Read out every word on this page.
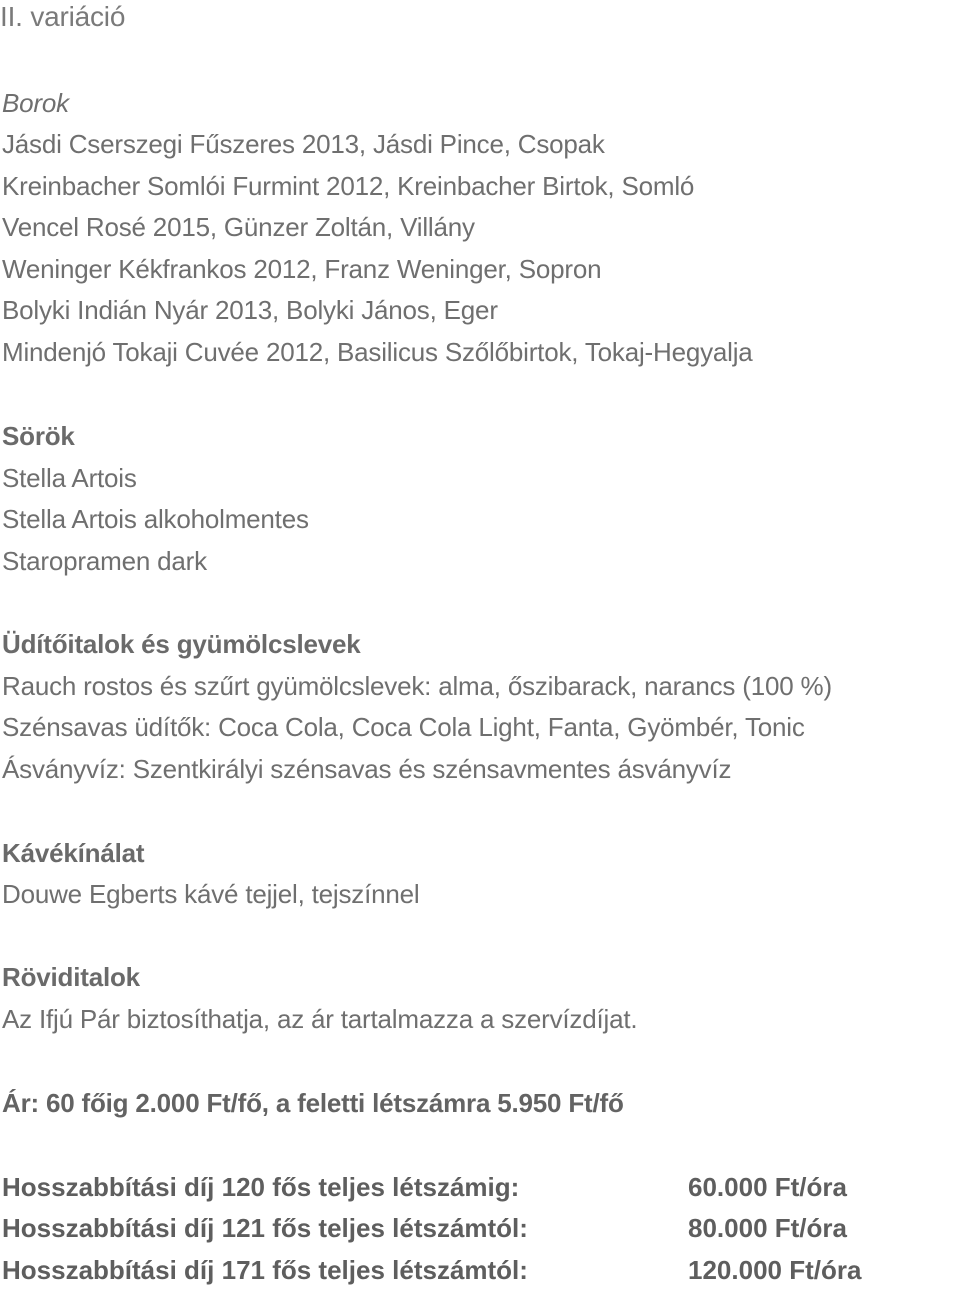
II. variáció
Borok
Jásdi Cserszegi Fűszeres 2013, Jásdi Pince, Csopak
Kreinbacher Somlói Furmint 2012, Kreinbacher Birtok, Somló
Vencel Rosé 2015, Günzer Zoltán, Villány
Weninger Kékfrankos 2012, Franz Weninger, Sopron
Bolyki Indián Nyár 2013, Bolyki János, Eger
Mindenjó Tokaji Cuvée 2012, Basilicus Szőlőbirtok, Tokaj-Hegyalja
Sörök
Stella Artois
Stella Artois alkoholmentes
Staropramen dark
Üdítőitalok és gyümölcslevek
Rauch rostos és szűrt gyümölcslevek: alma, őszibarack, narancs (100 %)
Szénsavas üdítők: Coca Cola, Coca Cola Light, Fanta, Gyömbér, Tonic
Ásványvíz: Szentkirályi szénsavas és szénsavmentes ásványvíz
Kávékínálat
Douwe Egberts kávé tejjel, tejszínnel
Röviditalok
Az Ifjú Pár biztosíthatja, az ár tartalmazza a szervízdíjat.
Ár: 60 főig 2.000 Ft/fő, a feletti létszámra 5.950 Ft/fő
Hosszabbítási díj 120 fős teljes létszámig:	60.000 Ft/óra
Hosszabbítási díj 121 fős teljes létszámtól:	80.000 Ft/óra
Hosszabbítási díj 171 fős teljes létszámtól:	120.000 Ft/óra
